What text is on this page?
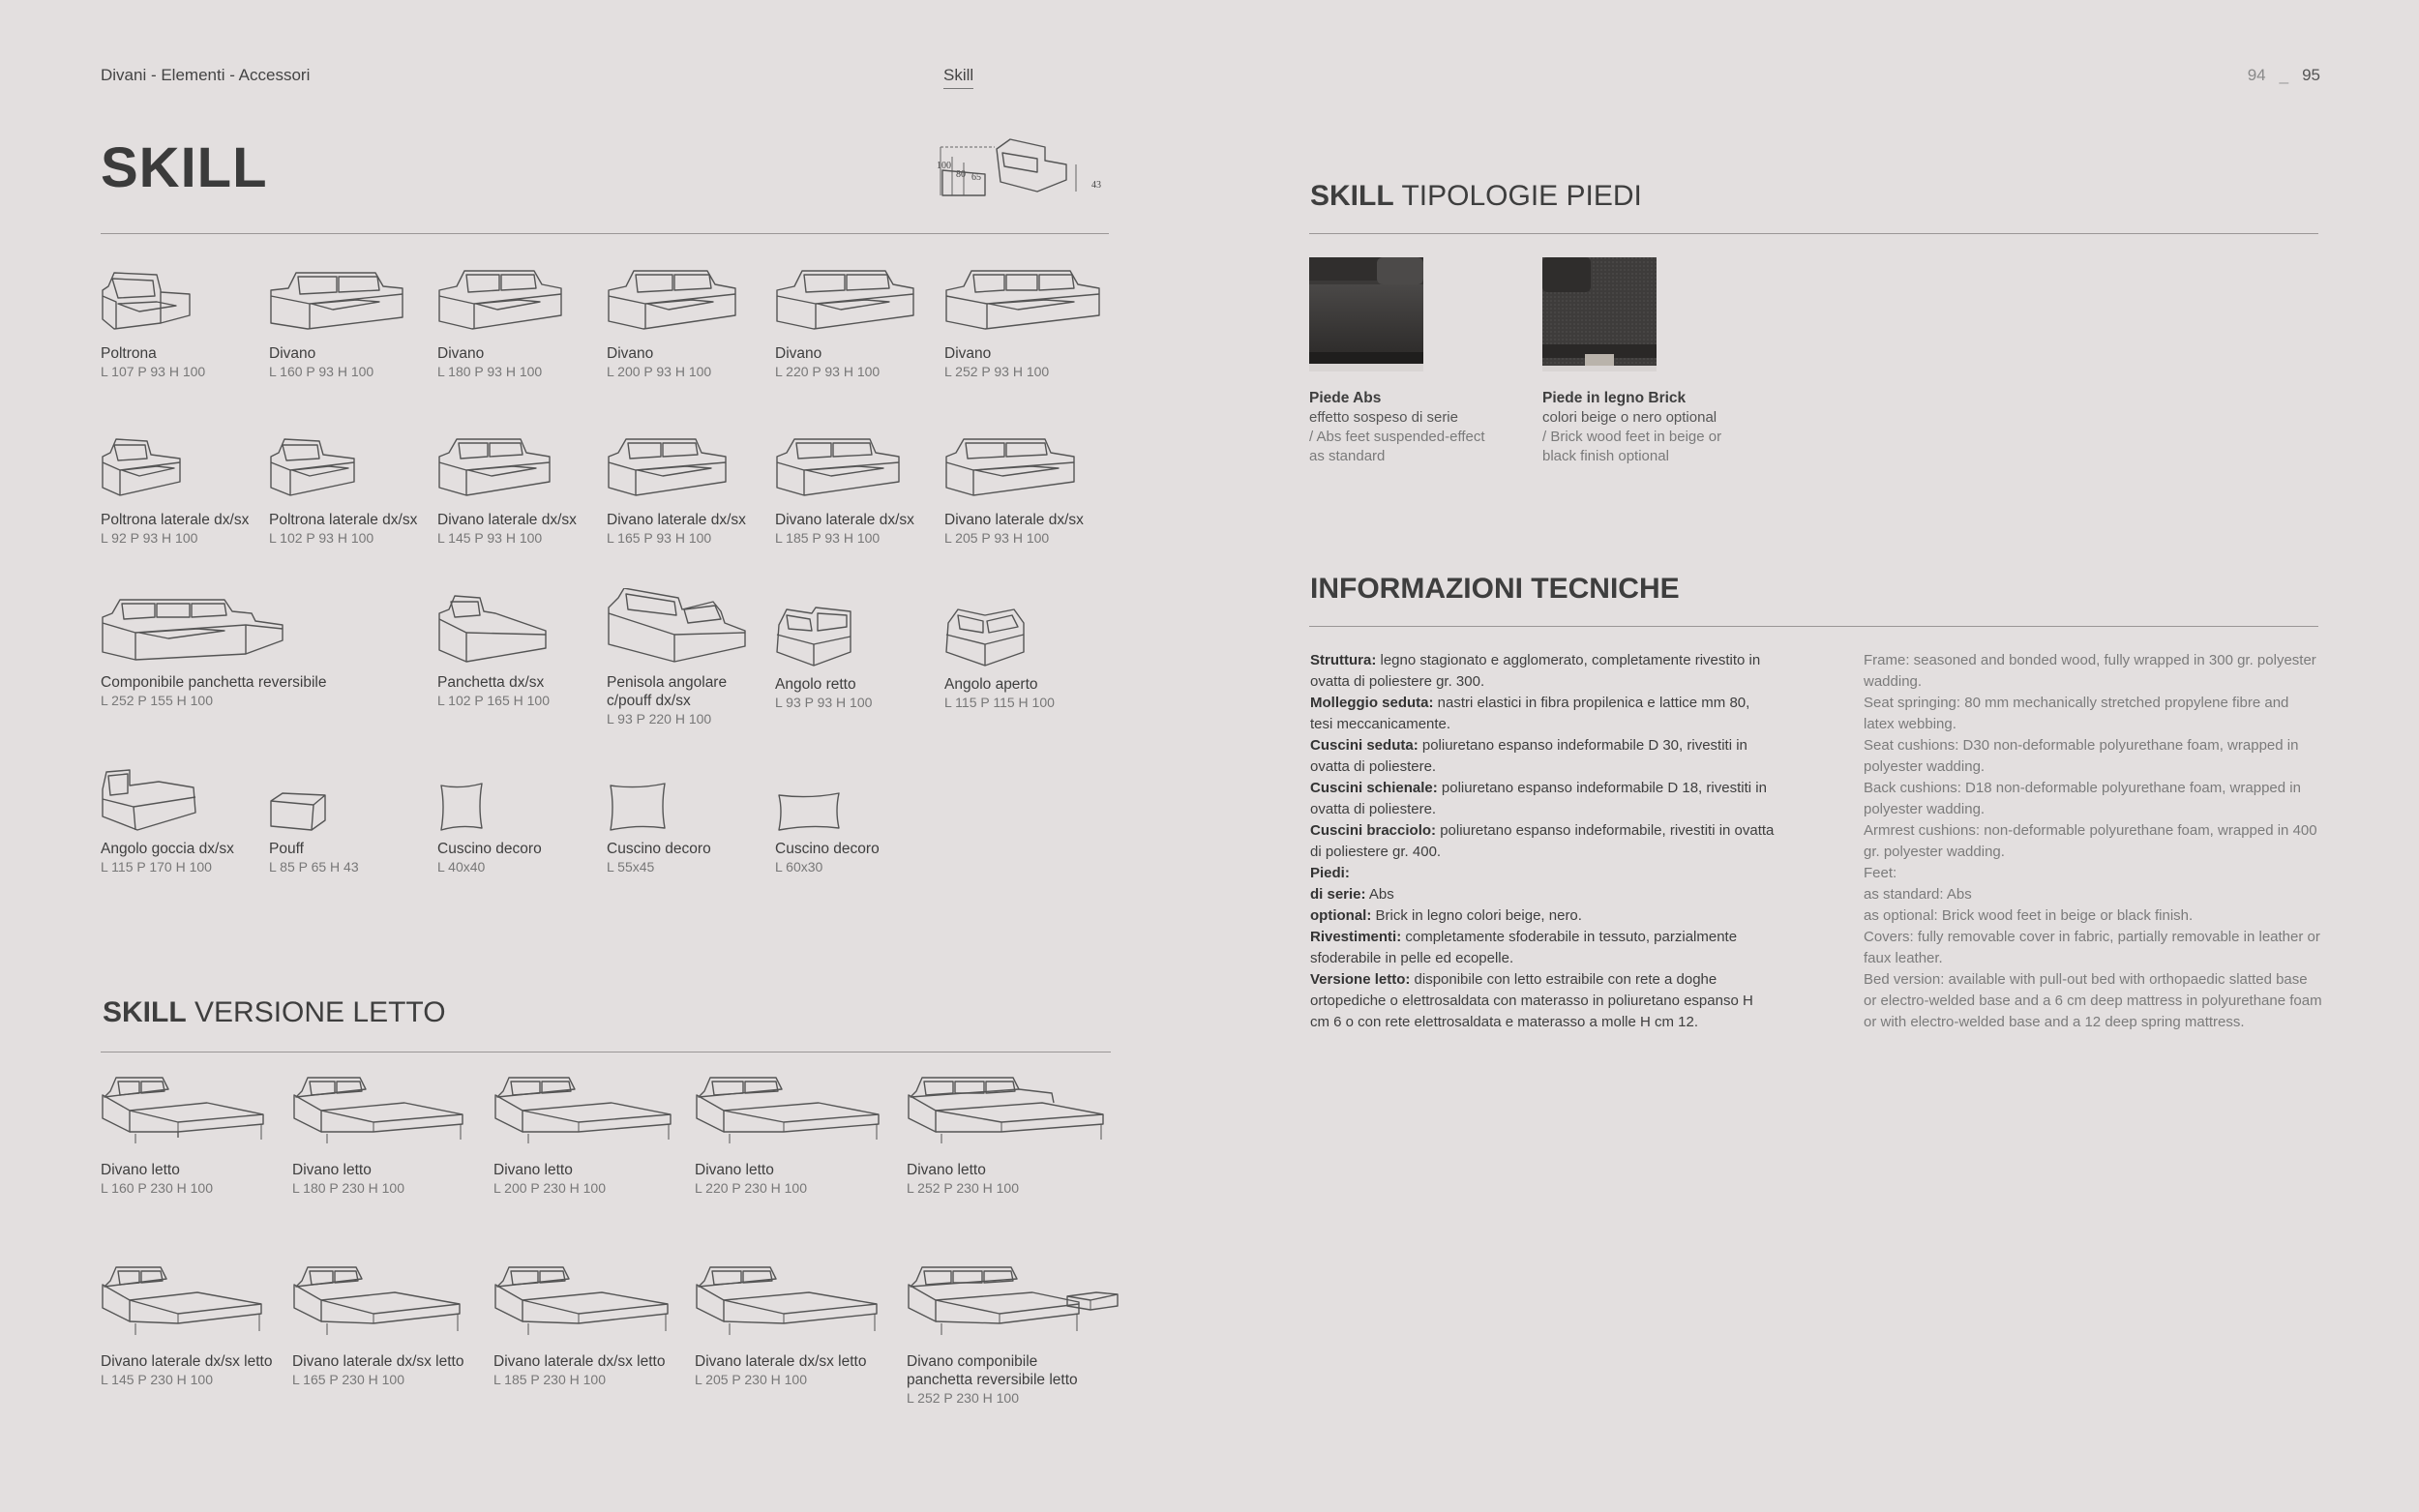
Divani - Elementi - Accessori	Skill	94 _ 95
SKILL	100
80 65
43
Poltrona
L 107 P 93 H 100
Divano
L 160 P 93 H 100
Divano
L 180 P 93 H 100
Divano
L 200 P 93 H 100
Divano
L 220 P 93 H 100
Divano
L 252 P 93 H 100
Poltrona laterale dx/sx
L 92 P 93 H 100
Poltrona laterale dx/sx
L 102 P 93 H 100
Divano laterale dx/sx
L 145 P 93 H 100
Divano laterale dx/sx
L 165 P 93 H 100
Divano laterale dx/sx
L 185 P 93 H 100
Divano laterale dx/sx
L 205 P 93 H 100
Componibile panchetta reversibile
L 252 P 155 H 100
Panchetta dx/sx
L 102 P 165 H 100
Penisola angolare
c/pouff dx/sx
L 93 P 220 H 100
Angolo retto
L 93 P 93 H 100
Angolo aperto
L 115 P 115 H 100
Angolo goccia dx/sx
L 115 P 170 H 100
Pouff
L 85 P 65 H 43
Cuscino decoro
L 40x40
Cuscino decoro
L 55x45
Cuscino decoro
L 60x30
SKILL VERSIONE LETTO
Divano letto
L 160 P 230 H 100
Divano letto
L 180 P 230 H 100
Divano letto
L 200 P 230 H 100
Divano letto
L 220 P 230 H 100
Divano letto
L 252 P 230 H 100
Divano laterale dx/sx letto
L 145 P 230 H 100
Divano laterale dx/sx letto
L 165 P 230 H 100
Divano laterale dx/sx letto
L 185 P 230 H 100
Divano laterale dx/sx letto
L 205 P 230 H 100
Divano componibile
panchetta reversibile letto
L 252 P 230 H 100
SKILL TIPOLOGIE PIEDI
Piede Abs
effetto sospeso di serie
/ Abs feet suspended-effect
as standard
Piede in legno Brick
colori beige o nero optional
/ Brick wood feet in beige or
black finish optional
INFORMAZIONI TECNICHE

Struttura: legno stagionato e agglomerato, completamente rivestito in ovatta di poliestere gr. 300.

Molleggio seduta: nastri elastici in fibra propilenica e lattice mm 80, tesi meccanicamente.

Cuscini seduta: poliuretano espanso indeformabile D 30, rivestiti in ovatta di poliestere.

Cuscini schienale: poliuretano espanso indeformabile D 18, rivestiti in ovatta di poliestere.

Cuscini bracciolo: poliuretano espanso indeformabile, rivestiti in ovatta di poliestere gr. 400.

Piedi:

di serie: Abs

optional: Brick in legno colori beige, nero.

Rivestimenti: completamente sfoderabile in tessuto, parzialmente sfoderabile in pelle ed ecopelle.

Versione letto: disponibile con letto estraibile con rete a doghe ortopediche o elettrosaldata con materasso in poliuretano espanso H cm 6 o con rete elettrosaldata e materasso a molle H cm 12.

Frame: seasoned and bonded wood, fully wrapped in 300 gr. polyester wadding.

Seat springing: 80 mm mechanically stretched propylene fibre and latex webbing.

Seat cushions: D30 non-deformable polyurethane foam, wrapped in polyester wadding.

Back cushions: D18 non-deformable polyurethane foam, wrapped in polyester wadding.

Armrest cushions: non-deformable polyurethane foam, wrapped in 400 gr. polyester wadding.

Feet:

as standard: Abs

as optional: Brick wood feet in beige or black finish.

Covers: fully removable cover in fabric, partially removable in leather or faux leather.

Bed version: available with pull-out bed with orthopaedic slatted base or electro-welded base and a 6 cm deep mattress in polyurethane foam or with electro-welded base and a 12 deep spring mattress.
